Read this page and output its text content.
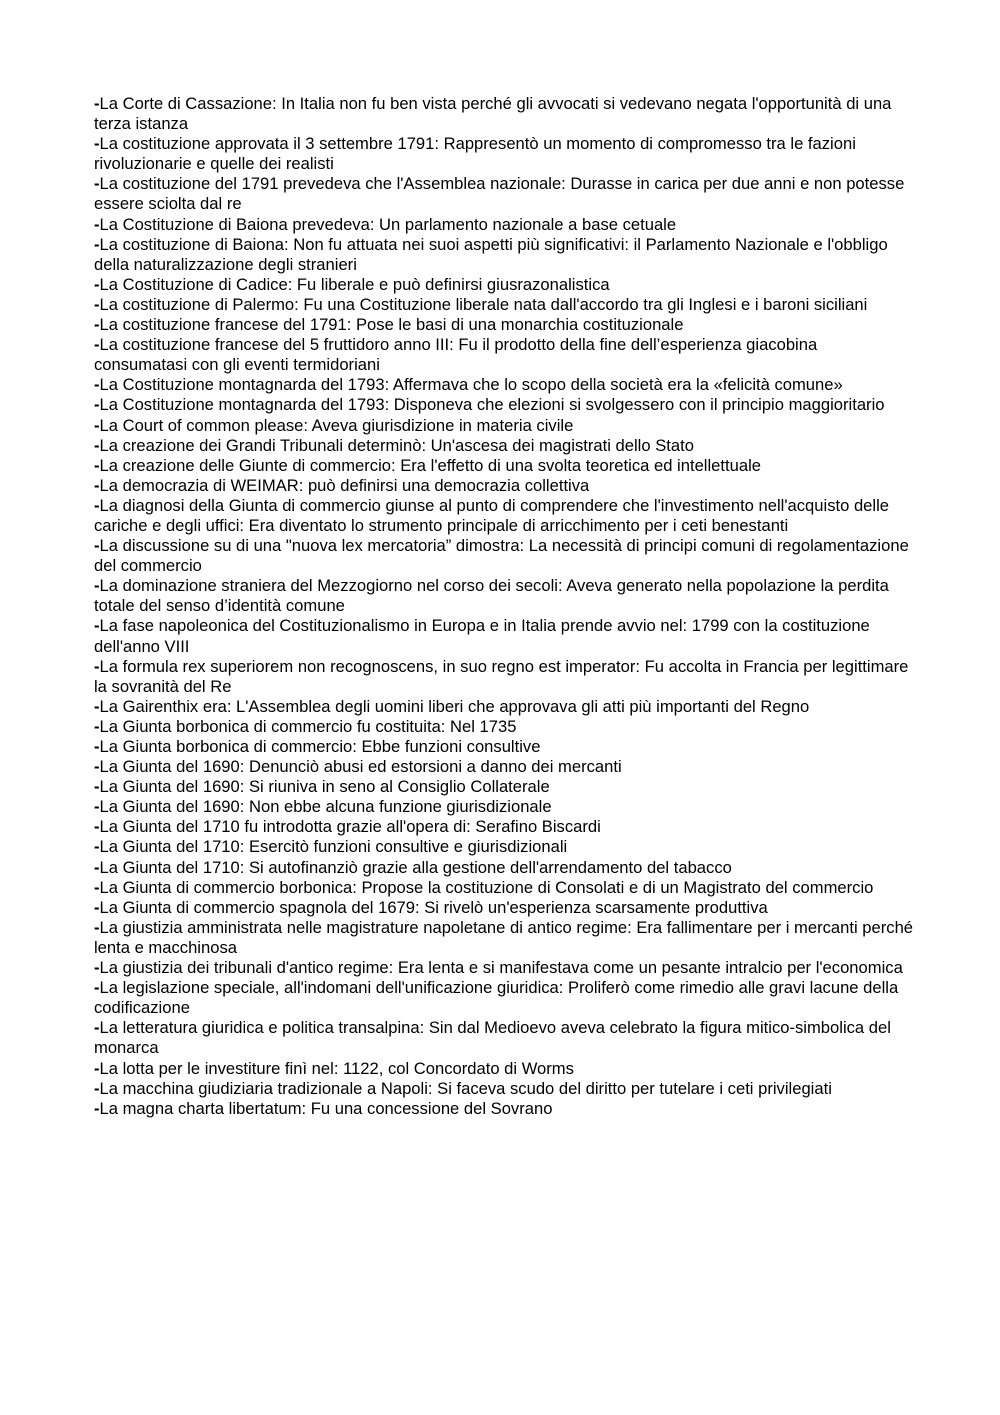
-La Corte di Cassazione: In Italia non fu ben vista perché gli avvocati si vedevano negata l'opportunità di una terza istanza

-La costituzione approvata il 3 settembre 1791: Rappresentò un momento di compromesso tra le fazioni rivoluzionarie e quelle dei realisti

-La costituzione del 1791 prevedeva che l'Assemblea nazionale: Durasse in carica per due anni e non potesse essere sciolta dal re

-La Costituzione di Baiona prevedeva: Un parlamento nazionale a base cetuale

-La costituzione di Baiona: Non fu attuata nei suoi aspetti più significativi: il Parlamento Nazionale e l'obbligo della naturalizzazione degli stranieri

-La Costituzione di Cadice: Fu liberale e può definirsi giusrazonalistica

-La costituzione di Palermo: Fu una Costituzione liberale nata dall'accordo tra gli Inglesi e i baroni siciliani

-La costituzione francese del 1791: Pose le basi di una monarchia costituzionale

-La costituzione francese del 5 fruttidoro anno III: Fu il prodotto della fine dell’esperienza giacobina consumatasi con gli eventi termidoriani

-La Costituzione montagnarda del 1793: Affermava che lo scopo della società era la «felicità comune»

-La Costituzione montagnarda del 1793: Disponeva che elezioni si svolgessero con il principio maggioritario

-La Court of common please: Aveva giurisdizione in materia civile

-La creazione dei Grandi Tribunali determinò: Un'ascesa dei magistrati dello Stato

-La creazione delle Giunte di commercio: Era l'effetto di una svolta teoretica ed intellettuale

-La democrazia di WEIMAR: può definirsi una democrazia collettiva

-La diagnosi della Giunta di commercio giunse al punto di comprendere che l'investimento nell'acquisto delle cariche e degli uffici: Era diventato lo strumento principale di arricchimento per i ceti benestanti

-La discussione su di una "nuova lex mercatoria” dimostra: La necessità di principi comuni di regolamentazione del commercio

-La dominazione straniera del Mezzogiorno nel corso dei secoli: Aveva generato nella popolazione la perdita totale del senso d’identità comune

-La fase napoleonica del Costituzionalismo in Europa e in Italia prende avvio nel: 1799 con la costituzione dell'anno VIII

-La formula rex superiorem non recognoscens, in suo regno est imperator: Fu accolta in Francia per legittimare la sovranità del Re

-La Gairenthix era: L'Assemblea degli uomini liberi che approvava gli atti più importanti del Regno

-La Giunta borbonica di commercio fu costituita: Nel 1735

-La Giunta borbonica di commercio: Ebbe funzioni consultive

-La Giunta del 1690: Denunciò abusi ed estorsioni a danno dei mercanti

-La Giunta del 1690: Si riuniva in seno al Consiglio Collaterale

-La Giunta del 1690: Non ebbe alcuna funzione giurisdizionale

-La Giunta del 1710 fu introdotta grazie all'opera di: Serafino Biscardi

-La Giunta del 1710: Esercitò funzioni consultive e giurisdizionali

-La Giunta del 1710: Si autofinanziò grazie alla gestione dell'arrendamento del tabacco

-La Giunta di commercio borbonica: Propose la costituzione di Consolati e di un Magistrato del commercio

-La Giunta di commercio spagnola del 1679: Si rivelò un'esperienza scarsamente produttiva

-La giustizia amministrata nelle magistrature napoletane di antico regime: Era fallimentare per i mercanti perché lenta e macchinosa

-La giustizia dei tribunali d'antico regime: Era lenta e si manifestava come un pesante intralcio per l'economica

-La legislazione speciale, all'indomani dell'unificazione giuridica: Proliferò come rimedio alle gravi lacune della codificazione

-La letteratura giuridica e politica transalpina: Sin dal Medioevo aveva celebrato la figura mitico-simbolica del monarca

-La lotta per le investiture finì nel: 1122, col Concordato di Worms

-La macchina giudiziaria tradizionale a Napoli: Si faceva scudo del diritto per tutelare i ceti privilegiati

-La magna charta libertatum: Fu una concessione del Sovrano
